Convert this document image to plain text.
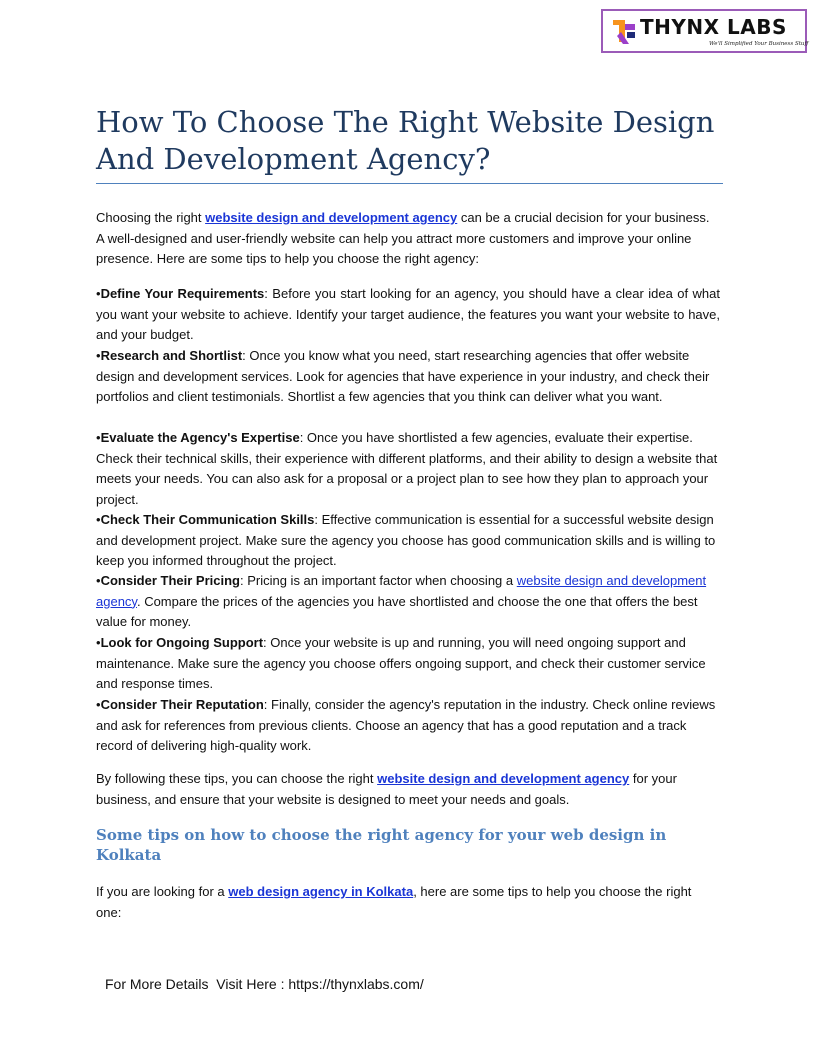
THYNX LABS
We'll Simplified Your Business Stuff
How To Choose The Right Website Design And Development Agency?

Choosing the right website design and development agency can be a crucial decision for your business. A well-designed and user-friendly website can help you attract more customers and improve your online presence. Here are some tips to help you choose the right agency:

•Define Your Requirements: Before you start looking for an agency, you should have a clear idea of what you want your website to achieve. Identify your target audience, the features you want your website to have, and your budget.

•Research and Shortlist: Once you know what you need, start researching agencies that offer website design and development services. Look for agencies that have experience in your industry, and check their portfolios and client testimonials. Shortlist a few agencies that you think can deliver what you want.

•Evaluate the Agency's Expertise: Once you have shortlisted a few agencies, evaluate their expertise. Check their technical skills, their experience with different platforms, and their ability to design a website that meets your needs. You can also ask for a proposal or a project plan to see how they plan to approach your project.

•Check Their Communication Skills: Effective communication is essential for a successful website design and development project. Make sure the agency you choose has good communication skills and is willing to keep you informed throughout the project.

•Consider Their Pricing: Pricing is an important factor when choosing a website design and development agency. Compare the prices of the agencies you have shortlisted and choose the one that offers the best value for money.

•Look for Ongoing Support: Once your website is up and running, you will need ongoing support and maintenance. Make sure the agency you choose offers ongoing support, and check their customer service and response times.

•Consider Their Reputation: Finally, consider the agency's reputation in the industry. Check online reviews and ask for references from previous clients. Choose an agency that has a good reputation and a track record of delivering high-quality work.

By following these tips, you can choose the right website design and development agency for your business, and ensure that your website is designed to meet your needs and goals.

Some tips on how to choose the right agency for your web design in Kolkata

If you are looking for a web design agency in Kolkata, here are some tips to help you choose the right one:

For More Details  Visit Here : https://thynxlabs.com/
